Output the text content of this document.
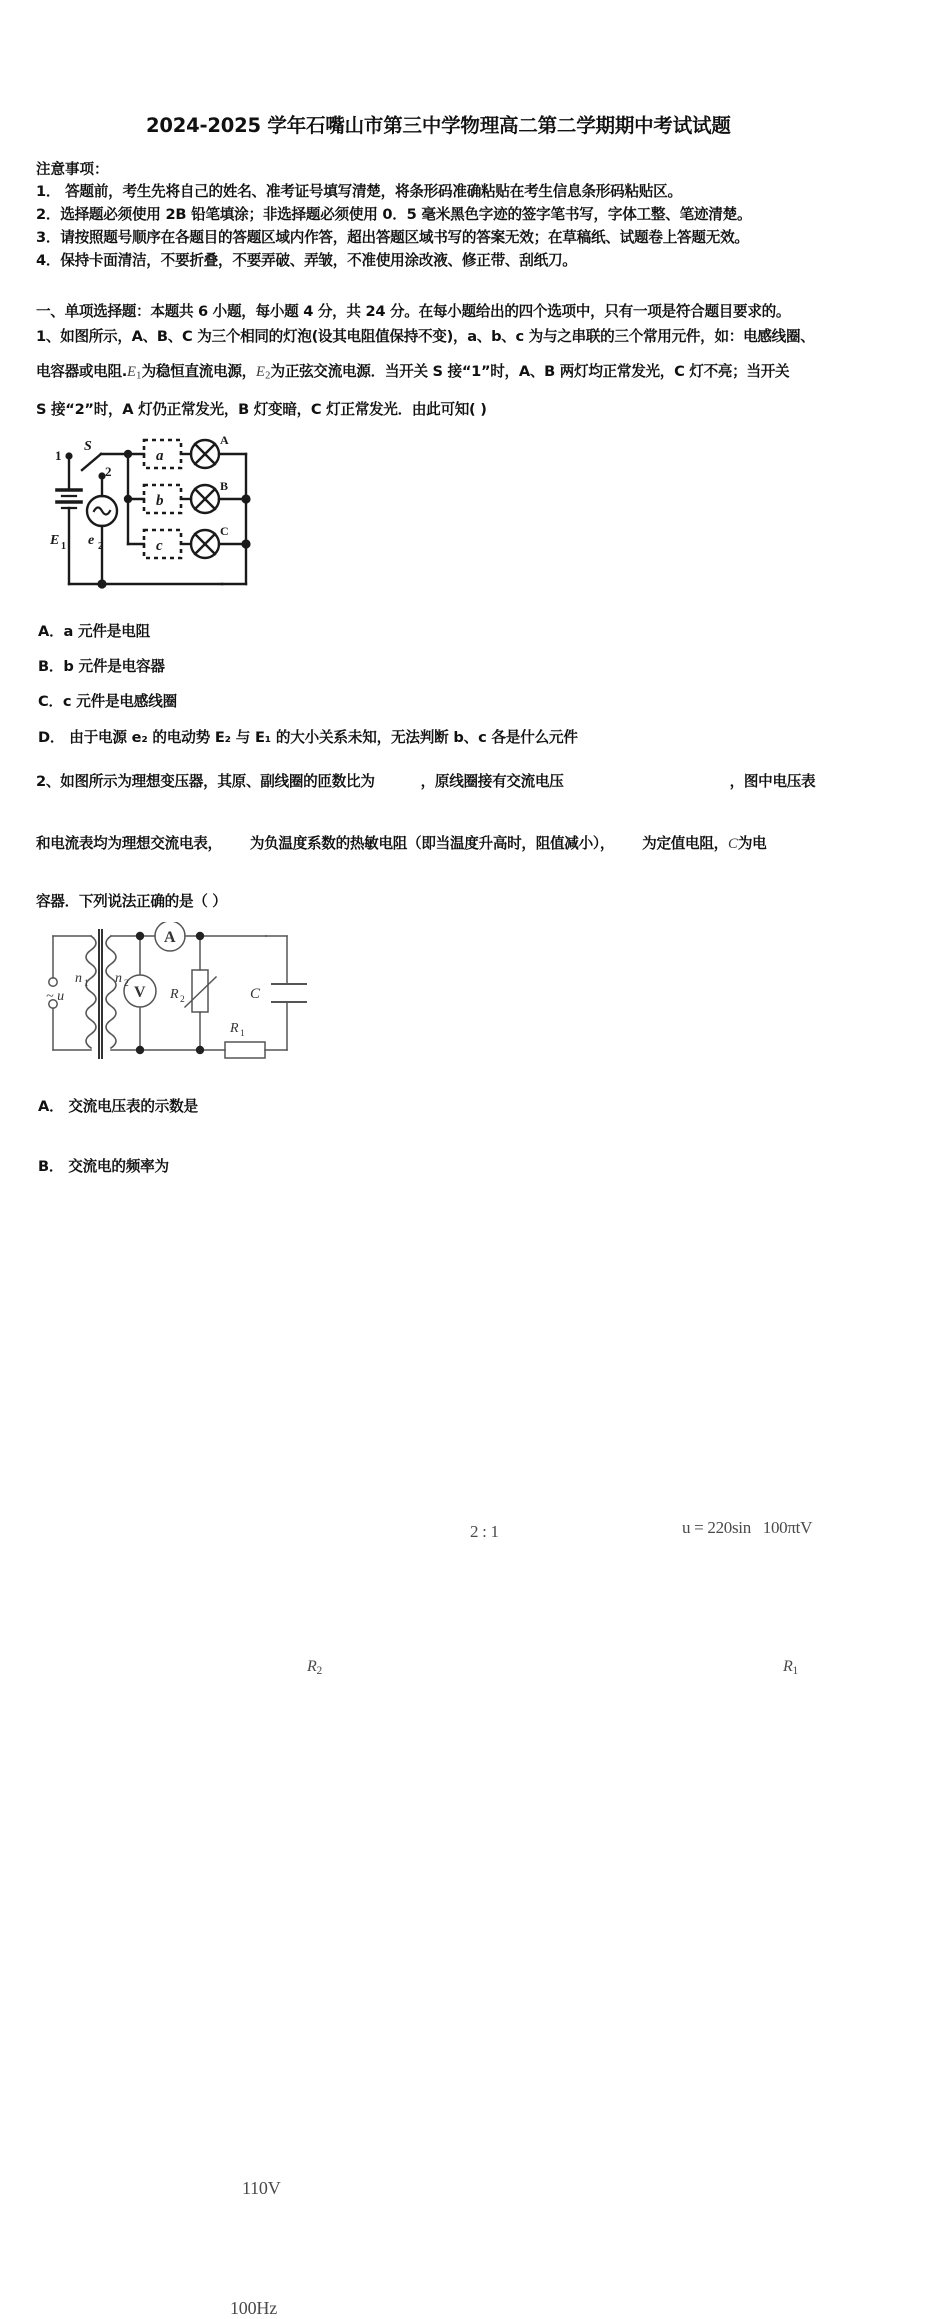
2024-2025 学年石嘴山市第三中学物理高二第二学期期中考试试题
注意事项：
1． 答题前，考生先将自己的姓名、准考证号填写清楚，将条形码准确粘贴在考生信息条形码粘贴区。
2．选择题必须使用 2B 铅笔填涂；非选择题必须使用 0．5 毫米黑色字迹的签字笔书写，字体工整、笔迹清楚。
3．请按照题号顺序在各题目的答题区域内作答，超出答题区域书写的答案无效；在草稿纸、试题卷上答题无效。
4．保持卡面清洁，不要折叠，不要弄破、弄皱，不准使用涂改液、修正带、刮纸刀。
一、单项选择题：本题共 6 小题，每小题 4 分，共 24 分。在每小题给出的四个选项中，只有一项是符合题目要求的。
1、如图所示，A、B、C 为三个相同的灯泡(设其电阻值保持不变)，a、b、c 为与之串联的三个常用元件，如：电感线圈、
电容器或电阻$.E_1$为稳恒直流电源，$E_2$为正弦交流电源．当开关 S 接“1”时，A、B 两灯均正常发光，C 灯不亮；当开关
S 接“2”时，A 灯仍正常发光，B 灯变暗，C 灯正常发光．由此可知( )
1
S
2
E 1 e 2
a
b
c
A
B
C
A．a 元件是电阻
B．b 元件是电容器
C．c 元件是电感线圈
D． 由于电源 e₂ 的电动势 E₂ 与 E₁ 的大小关系未知，无法判断 b、c 各是什么元件
2、如图所示为理想变压器，其原、副线圈的匝数比为
2 : 1
，原线圈接有交流电压
u = 220sin   100πtV
，图中电压表
和电流表均为理想交流电表，
$R_2$
为负温度系数的热敏电阻（即当温度升高时，阻值减小），
$R_1$
为定值电阻，C为电
容器．下列说法正确的是（ ）
~ u
n 1 n 2
A
V R 2
R 1
C
A． 交流电压表的示数是
110V
B． 交流电的频率为
100Hz
